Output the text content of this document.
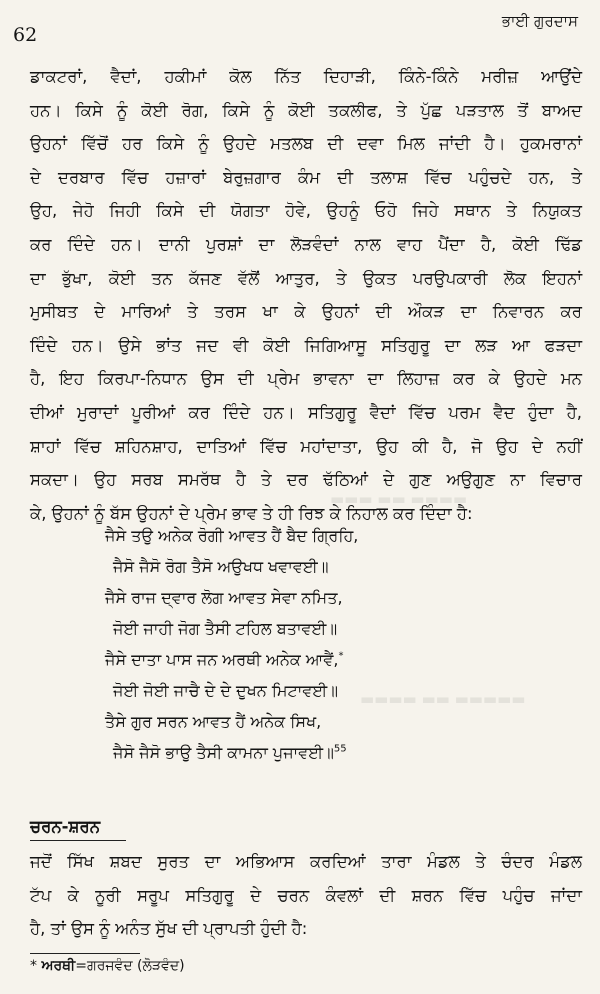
62
ਭਾਈ ਗੁਰਦਾਸ
▬▬▬ ▬▬ ▬▬▬▬
▬▬▬▬ ▬▬ ▬▬▬▬▬
ਡਾਕਟਰਾਂ, ਵੈਦਾਂ, ਹਕੀਮਾਂ ਕੋਲ ਨਿੱਤ ਦਿਹਾੜੀ, ਕਿੰਨੇ-ਕਿੰਨੇ ਮਰੀਜ਼ ਆਉਂਦੇ
ਹਨ। ਕਿਸੇ ਨੂੰ ਕੋਈ ਰੋਗ, ਕਿਸੇ ਨੂੰ ਕੋਈ ਤਕਲੀਫ, ਤੇ ਪੁੱਛ ਪੜਤਾਲ ਤੋਂ ਬਾਅਦ
ਉਹਨਾਂ ਵਿੱਚੋਂ ਹਰ ਕਿਸੇ ਨੂੰ ਉਹਦੇ ਮਤਲਬ ਦੀ ਦਵਾ ਮਿਲ ਜਾਂਦੀ ਹੈ। ਹੁਕਮਰਾਨਾਂ
ਦੇ ਦਰਬਾਰ ਵਿੱਚ ਹਜ਼ਾਰਾਂ ਬੇਰੁਜ਼ਗਾਰ ਕੰਮ ਦੀ ਤਲਾਸ਼ ਵਿੱਚ ਪਹੁੰਚਦੇ ਹਨ, ਤੇ
ਉਹ, ਜੇਹੋ ਜਿਹੀ ਕਿਸੇ ਦੀ ਯੋਗਤਾ ਹੋਵੇ, ਉਹਨੂੰ ਓਹੋ ਜਿਹੇ ਸਥਾਨ ਤੇ ਨਿਯੁਕਤ
ਕਰ ਦਿੰਦੇ ਹਨ। ਦਾਨੀ ਪੁਰਸ਼ਾਂ ਦਾ ਲੋੜਵੰਦਾਂ ਨਾਲ ਵਾਹ ਪੈਂਦਾ ਹੈ, ਕੋਈ ਢਿੱਡ
ਦਾ ਭੁੱਖਾ, ਕੋਈ ਤਨ ਕੱਜਣ ਵੱਲੋਂ ਆਤੁਰ, ਤੇ ਉਕਤ ਪਰਉਪਕਾਰੀ ਲੋਕ ਇਹਨਾਂ
ਮੁਸੀਬਤ ਦੇ ਮਾਰਿਆਂ ਤੇ ਤਰਸ ਖਾ ਕੇ ਉਹਨਾਂ ਦੀ ਔਕੜ ਦਾ ਨਿਵਾਰਨ ਕਰ
ਦਿੰਦੇ ਹਨ। ਉਸੇ ਭਾਂਤ ਜਦ ਵੀ ਕੋਈ ਜਿਗਿਆਸੂ ਸਤਿਗੁਰੂ ਦਾ ਲੜ ਆ ਫੜਦਾ
ਹੈ, ਇਹ ਕਿਰਪਾ-ਨਿਧਾਨ ਉਸ ਦੀ ਪ੍ਰੇਮ ਭਾਵਨਾ ਦਾ ਲਿਹਾਜ਼ ਕਰ ਕੇ ਉਹਦੇ ਮਨ
ਦੀਆਂ ਮੁਰਾਦਾਂ ਪੂਰੀਆਂ ਕਰ ਦਿੰਦੇ ਹਨ। ਸਤਿਗੁਰੂ ਵੈਦਾਂ ਵਿੱਚ ਪਰਮ ਵੈਦ ਹੁੰਦਾ ਹੈ,
ਸ਼ਾਹਾਂ ਵਿੱਚ ਸ਼ਹਿਨਸ਼ਾਹ, ਦਾਤਿਆਂ ਵਿੱਚ ਮਹਾਂਦਾਤਾ, ਉਹ ਕੀ ਹੈ, ਜੋ ਉਹ ਦੇ ਨਹੀਂ
ਸਕਦਾ। ਉਹ ਸਰਬ ਸਮਰੱਥ ਹੈ ਤੇ ਦਰ ਢੱਠਿਆਂ ਦੇ ਗੁਣ ਅਉਗੁਣ ਨਾ ਵਿਚਾਰ
ਕੇ, ਉਹਨਾਂ ਨੂੰ ਬੱਸ ਉਹਨਾਂ ਦੇ ਪ੍ਰੇਮ ਭਾਵ ਤੇ ਹੀ ਰਿਝ ਕੇ ਨਿਹਾਲ ਕਰ ਦਿੰਦਾ ਹੈ:
ਜੈਸੇ ਤਉ ਅਨੇਕ ਰੋਗੀ ਆਵਤ ਹੈਂ ਬੈਦ ਗ੍ਰਿਹਿ,
ਜੈਸੋ ਜੈਸੋ ਰੋਗ ਤੈਸੋ ਅਉਖਧ ਖਵਾਵਈ॥
ਜੈਸੇ ਰਾਜ ਦ੍ਵਾਰ ਲੋਗ ਆਵਤ ਸੇਵਾ ਨਮਿਤ,
ਜੋਈ ਜਾਹੀ ਜੋਗ ਤੈਸੀ ਟਹਿਲ ਬਤਾਵਈ॥
ਜੈਸੇ ਦਾਤਾ ਪਾਸ ਜਨ ਅਰਥੀ ਅਨੇਕ ਆਵੈਂ,*
ਜੋਈ ਜੋਈ ਜਾਚੈ ਦੇ ਦੇ ਦੁਖਨ ਮਿਟਾਵਈ॥
ਤੈਸੇ ਗੁਰ ਸਰਨ ਆਵਤ ਹੈਂ ਅਨੇਕ ਸਿਖ,
ਜੈਸੋ ਜੈਸੋ ਭਾਉ ਤੈਸੀ ਕਾਮਨਾ ਪੁਜਾਵਈ॥$^{55}$
ਚਰਨ-ਸ਼ਰਨ
ਜਦੋਂ ਸਿੱਖ ਸ਼ਬਦ ਸੁਰਤ ਦਾ ਅਭਿਆਸ ਕਰਦਿਆਂ ਤਾਰਾ ਮੰਡਲ ਤੇ ਚੰਦਰ ਮੰਡਲ
ਟੱਪ ਕੇ ਨੂਰੀ ਸਰੂਪ ਸਤਿਗੁਰੂ ਦੇ ਚਰਨ ਕੰਵਲਾਂ ਦੀ ਸ਼ਰਨ ਵਿੱਚ ਪਹੁੰਚ ਜਾਂਦਾ
ਹੈ, ਤਾਂ ਉਸ ਨੂੰ ਅਨੰਤ ਸੁੱਖ ਦੀ ਪ੍ਰਾਪਤੀ ਹੁੰਦੀ ਹੈ:
* ਅਰਥੀ=ਗਰਜਵੰਦ (ਲੋੜਵੰਦ)
